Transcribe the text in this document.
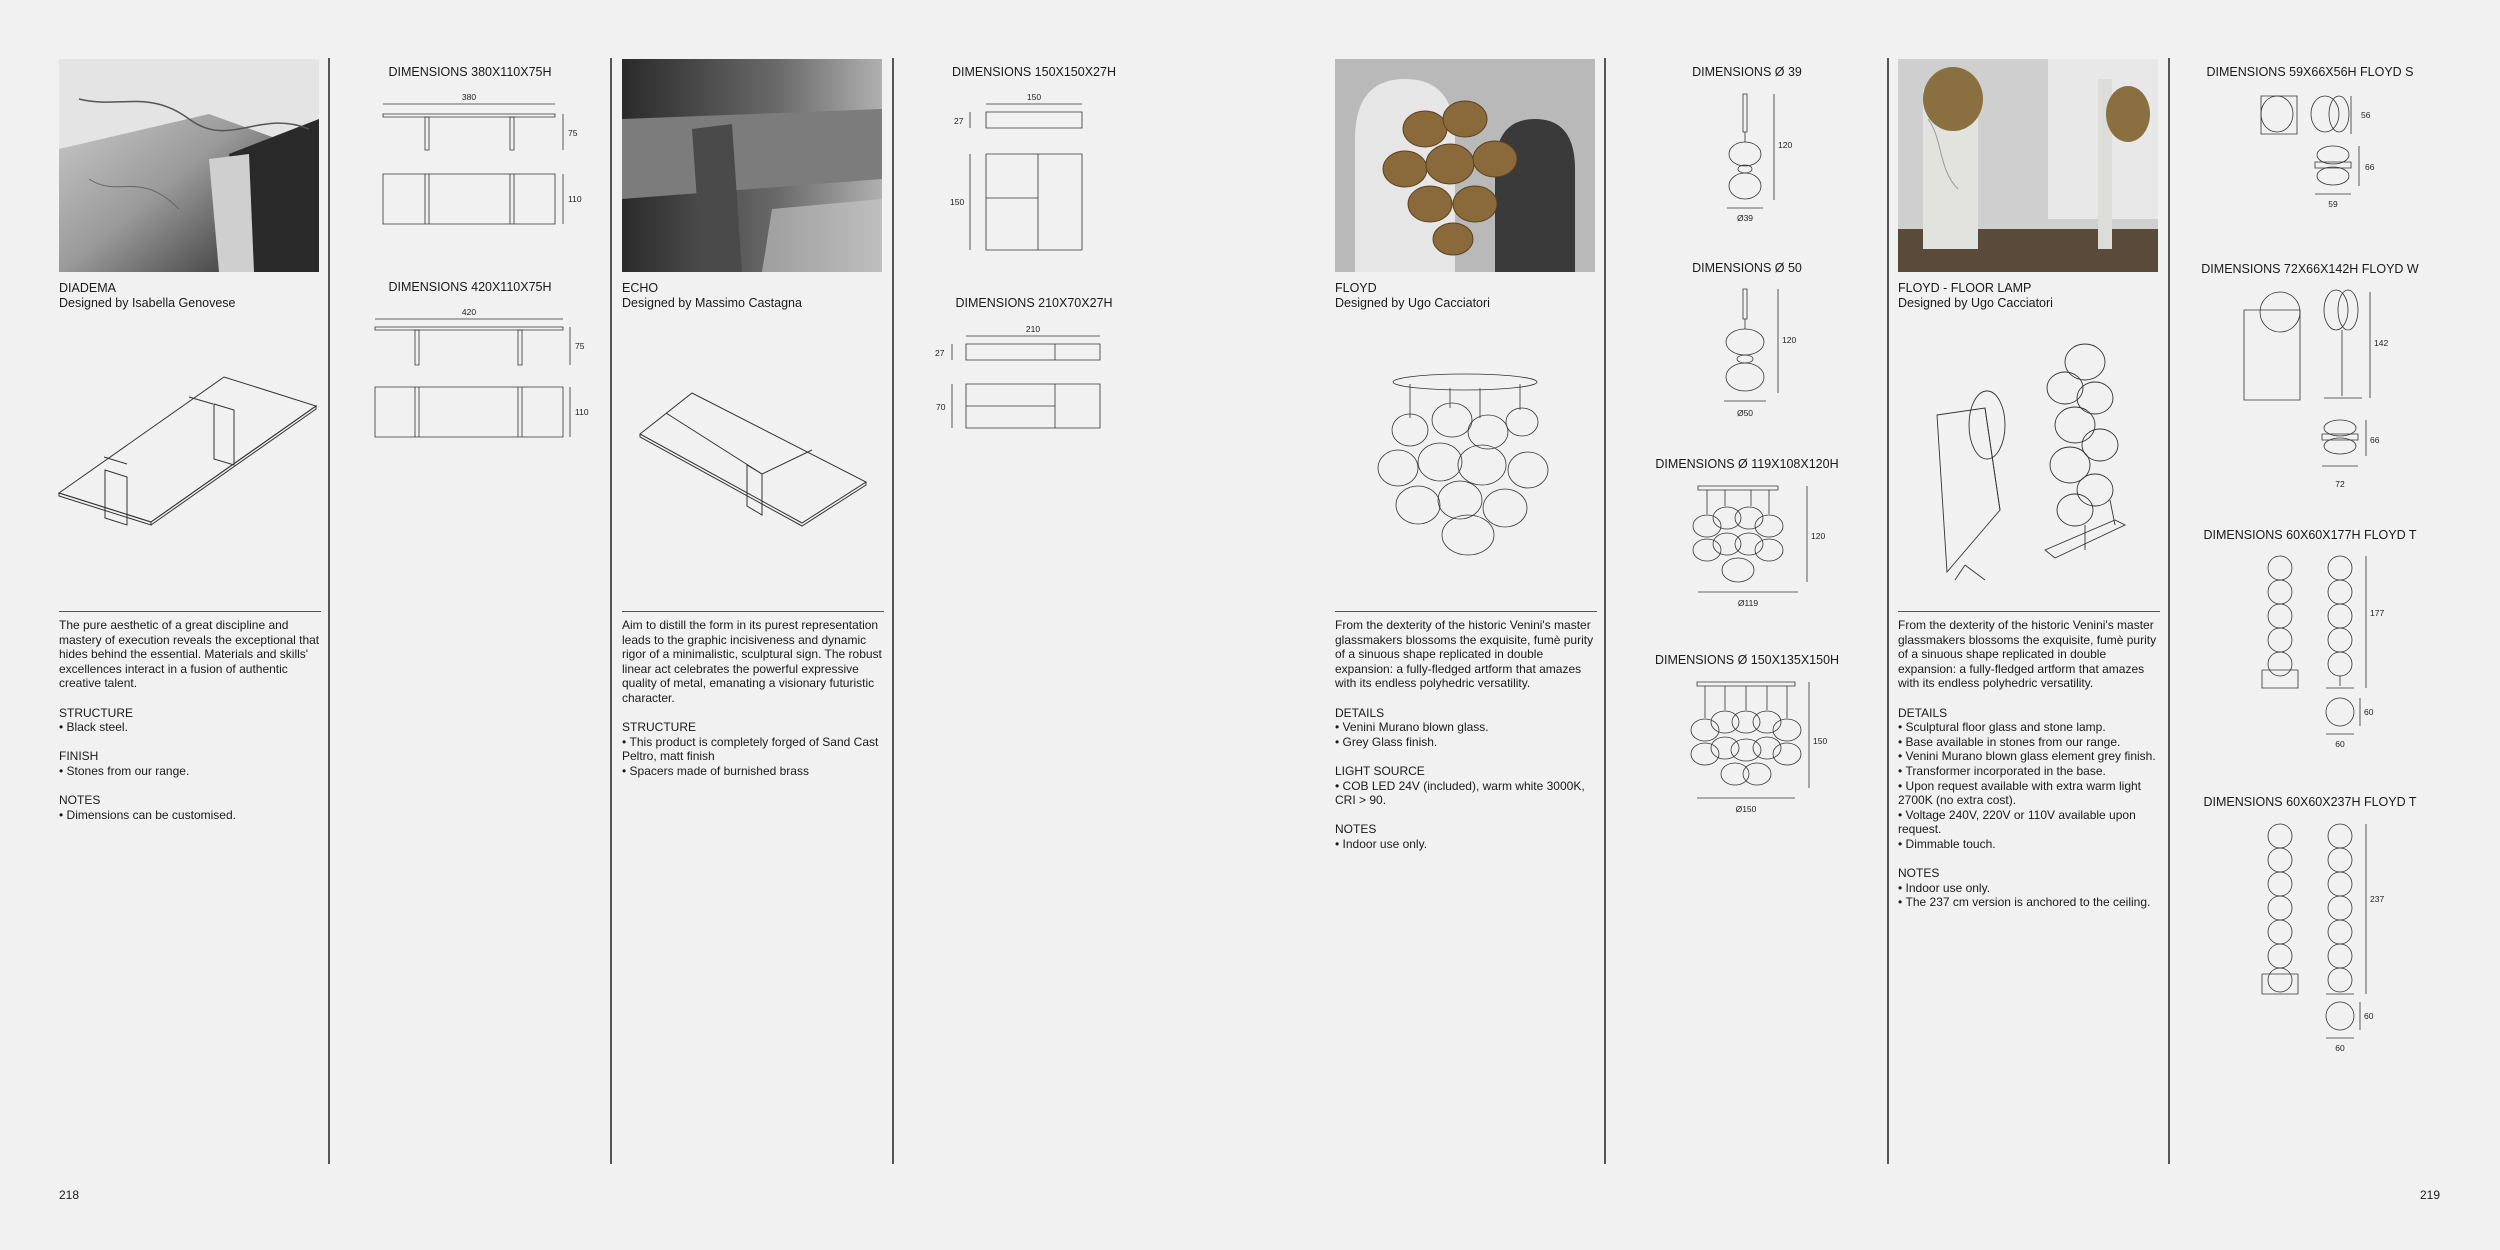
DIADEMA
Designed by Isabella Genovese
ECHO
Designed by Massimo Castagna
FLOYD
Designed by Ugo Cacciatori
FLOYD - FLOOR LAMP
Designed by Ugo Cacciatori

The pure aesthetic of a great discipline and mastery of execution reveals the exceptional that hides behind the essential. Materials and skills' excellences interact in a fusion of authentic creative talent.

STRUCTURE
• Black steel.
FINISH
• Stones from our range.
NOTES
• Dimensions can be customised.

Aim to distill the form in its purest representation leads to the graphic incisiveness and dynamic rigor of a minimalistic, sculptural sign. The robust linear act celebrates the powerful expressive quality of metal, emanating a visionary futuristic character.

STRUCTURE
• This product is completely forged of Sand Cast Peltro, matt finish
• Spacers made of burnished brass

From the dexterity of the historic Venini's master glassmakers blossoms the exquisite, fumè purity of a sinuous shape replicated in double expansion: a fully-fledged artform that amazes with its endless polyhedric versatility.

DETAILS
• Venini Murano blown glass.
• Grey Glass finish.
LIGHT SOURCE
• COB LED 24V (included), warm white 3000K, CRI > 90.
NOTES
• Indoor use only.

From the dexterity of the historic Venini's master glassmakers blossoms the exquisite, fumè purity of a sinuous shape replicated in double expansion: a fully-fledged artform that amazes with its endless polyhedric versatility.

DETAILS
• Sculptural floor glass and stone lamp.
• Base available in stones from our range.
• Venini Murano blown glass element grey finish.
• Transformer incorporated in the base.
• Upon request available with extra warm light 2700K (no extra cost).
• Voltage 240V, 220V or 110V available upon request.
• Dimmable touch.
NOTES
• Indoor use only.
• The 237 cm version is anchored to the ceiling.
DIMENSIONS 380X110X75H
380
75
110
DIMENSIONS 420X110X75H
420
75
110
DIMENSIONS 150X150X27H
150
27
150
DIMENSIONS 210X70X27H
210
27
70
DIMENSIONS Ø 39
120
Ø39
DIMENSIONS Ø 50
120
Ø50
DIMENSIONS Ø 119X108X120H
120
Ø119
DIMENSIONS Ø 150X135X150H
150
Ø150
DIMENSIONS 59X66X56H FLOYD S
56
66
59
DIMENSIONS 72X66X142H FLOYD W
142
66
72
DIMENSIONS 60X60X177H FLOYD T
177
60
60
DIMENSIONS 60X60X237H FLOYD T
237
60
60
218	219
